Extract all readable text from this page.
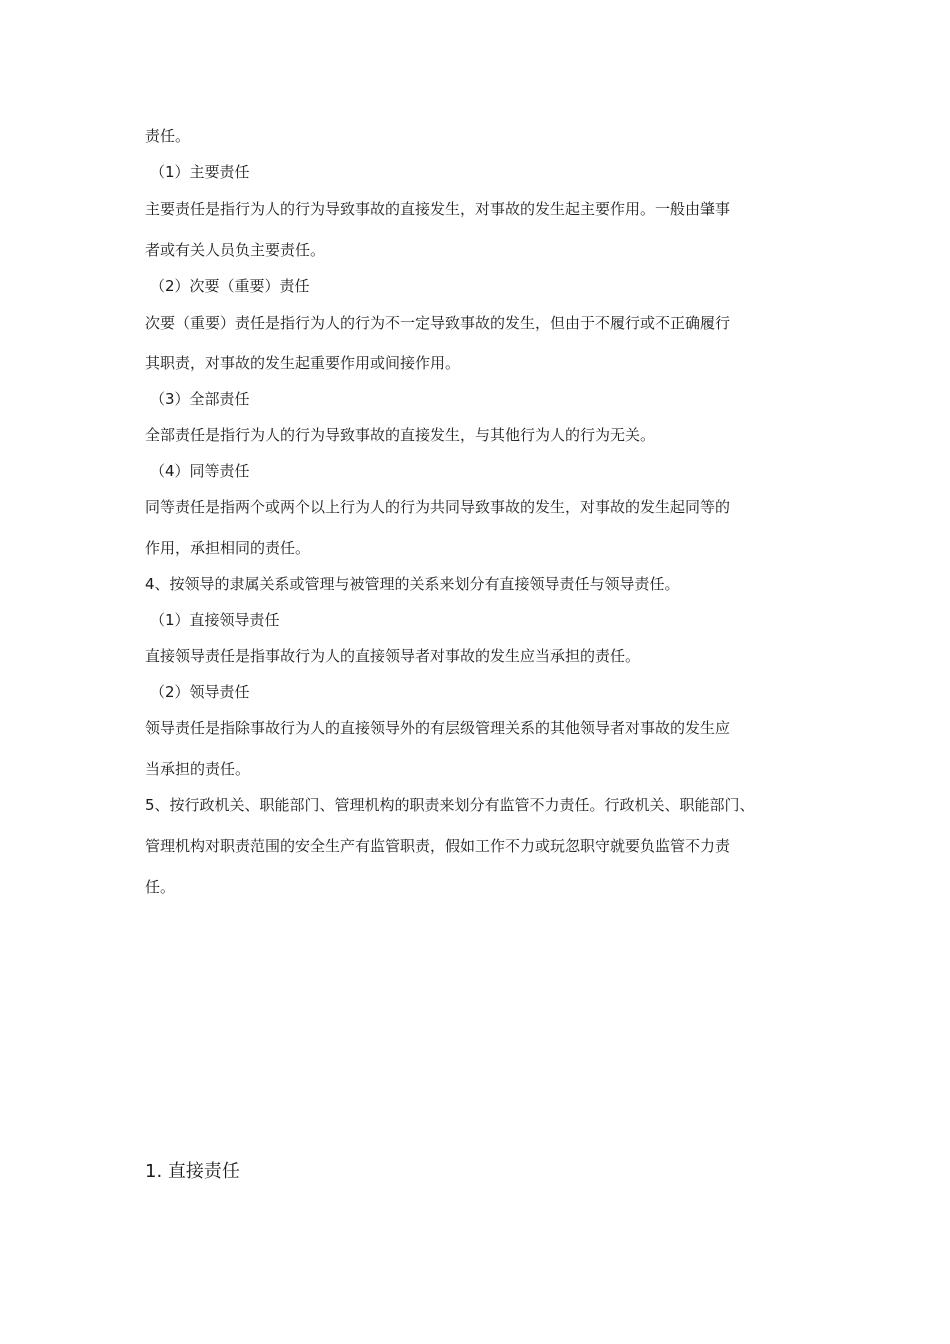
责任。
（1）主要责任
主要责任是指行为人的行为导致事故的直接发生，对事故的发生起主要作用。一般由肇事
者或有关人员负主要责任。
（2）次要（重要）责任
次要（重要）责任是指行为人的行为不一定导致事故的发生，但由于不履行或不正确履行
其职责，对事故的发生起重要作用或间接作用。
（3）全部责任
全部责任是指行为人的行为导致事故的直接发生，与其他行为人的行为无关。
（4）同等责任
同等责任是指两个或两个以上行为人的行为共同导致事故的发生，对事故的发生起同等的
作用，承担相同的责任。
4、按领导的隶属关系或管理与被管理的关系来划分有直接领导责任与领导责任。
（1）直接领导责任
直接领导责任是指事故行为人的直接领导者对事故的发生应当承担的责任。
（2）领导责任
领导责任是指除事故行为人的直接领导外的有层级管理关系的其他领导者对事故的发生应
当承担的责任。
5、按行政机关、职能部门、管理机构的职责来划分有监管不力责任。行政机关、职能部门、
管理机构对职责范围的安全生产有监管职责，假如工作不力或玩忽职守就要负监管不力责
任。
1. 直接责任
